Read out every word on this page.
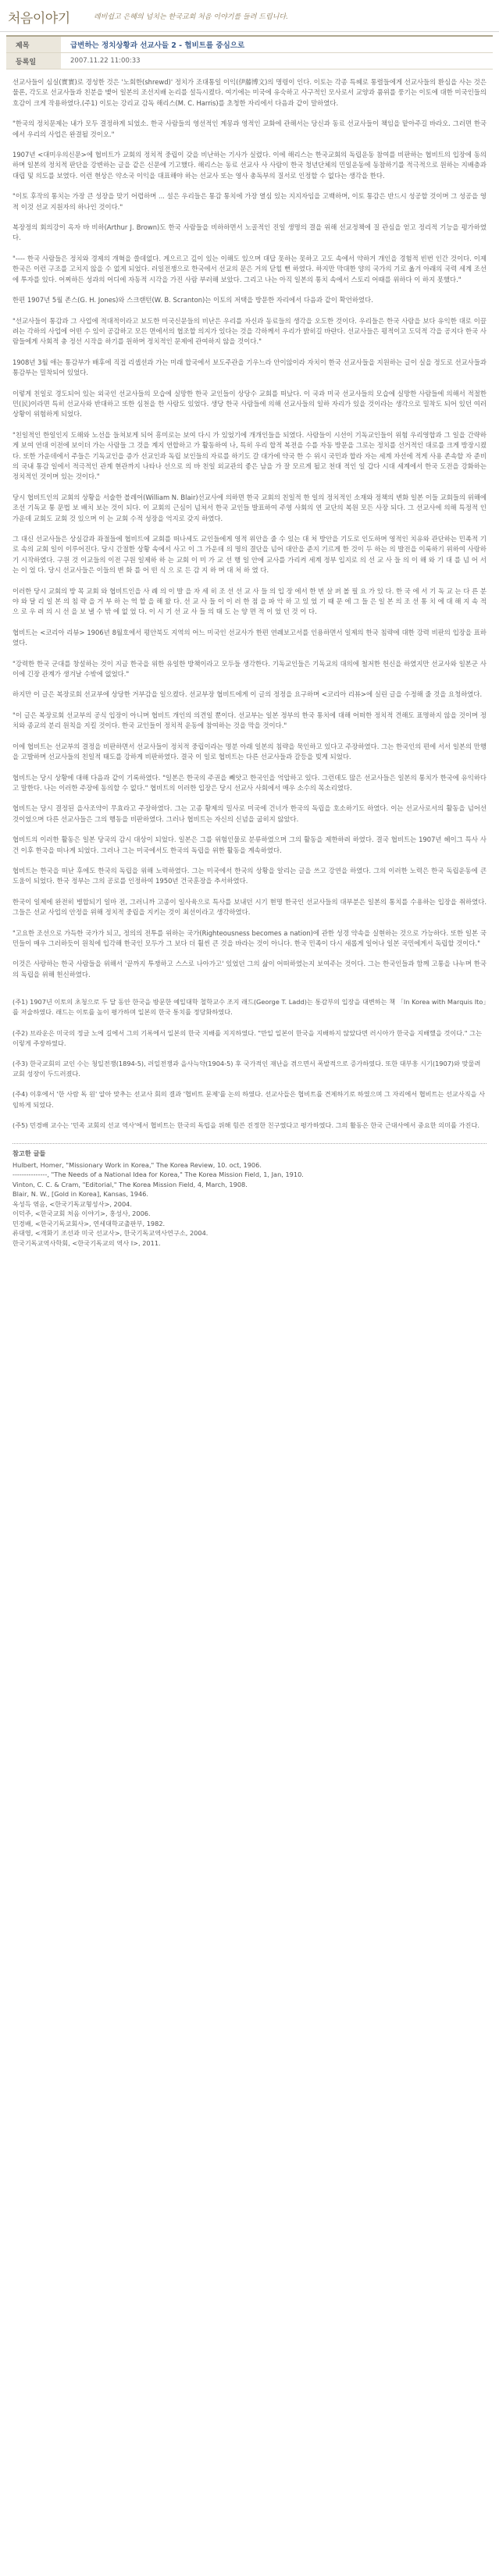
처음이야기	레비쉽고 은혜의 넘치는 한국교회 처음 이야기를 들려 드립니다.
제목	급변하는 정치상황과 선교사들 2 - 협비트를 중심으로
등록일	2007.11.22 11:00:33

선교사들이 심실(實實)로 경성한 것은 '노회한(shrewd)' 정치가 조대통일 이익(伊藤博文)의 명령이 인다. 이토는 각종 특혜로 통렬들에게 선교사들의 환심을 사는 것은 물론, 각도로 선교사들과 친분을 맺어 일본의 조선지배 논리를 설득시켰다. 여기에는 미국에 유숙하고 사구적인 모사로서 교양과 품위를 풍기는 이토에 대한 미국인들의 호감이 크게 작용하였다.(주1) 이토는 강리교 감독 해리스(M. C. Harris)를 초청한 자리에서 다음과 같이 말하였다.

"한국의 정치문제는 내가 모두 결정하게 되었소. 한국 사람들의 영선적인 계몽과 영적인 교화에 관해서는 당신과 동료 선교사들이 책임을 맡아주길 바라오. 그러면 한국에서 우리의 사업은 완결될 것이오."

1907년 <대미우의신문>에 협비트가 교회의 정치적 중립이 갖을 비난하는 기사가 실렸다. 이에 해리스는 한국교회의 독립운동 참여를 비판하는 협비트의 입장에 동의하며 일본의 정치적 판단을 강변하는 글을 같은 신문에 기고했다. 해리스는 동료 선교사 사 사람이 한국 청년단체의 민일운동에 동참하기를 적극적으로 원하는 지배층과 대립 및 의도를 보였다. 이런 현상은 약소국 이익을 대표해야 하는 선교사 또는 영사 총독부의 질서로 인정할 수 없다는 생각을 한다.

"이토 후작의 통치는 가장 큰 성장을 맞기 어렵하며 ... 설은 우리들은 통감 통치에 가장 열심 있는 지지자임을 고백하며, 이토 통감은 반드시 성공할 것이며 그 성공을 영적 이것 선교 지원자의 하나인 것이다."

복장정의 회의강이 옥자 바 비하(Arthur J. Brown)도 한국 사람들을 비하하면서 노골적인 진일 생명의 결을 위해 선교정책에 질 관심을 얻고 정리적 기능을 평가하였다.

"---- 한국 사람들은 정치와 경제의 개혁을 쓸데없다. 게으르고 깊이 있는 이해도 있으며 대답 못하는 못하고 고도 속에서 약하거 개인을 경험적 빈번 인간 것이다. 이제 한국은 이런 구조를 고치지 않을 수 없게 되었다. 러일전쟁으로 한국에서 선교의 문은 거의 닫힐 뻔 하였다. 하지만 막대한 양의 국가의 기로 옮겨 아래의 국력 세계 조선에 투자를 있다. 어찌하든 성과의 어디에 자동적 시각을 가진 사람 부러해 보았다. 그리고 나는 아직 일본의 통치 속에서 스토리 어때를 위하다 이 하지 못했다."

한편 1907년 5월 존스(G. H. Jones)와 스크랜턴(W. B. Scranton)는 이토의 저택을 방문한 자리에서 다음과 같이 확언하였다.

"선교사들이 통감과 그 사업에 적대적이라고 보도한 미국신문들의 비난은 우리를 자신과 동료들의 생각을 오도한 것이다. 우리들은 한국 사람을 보다 유익한 대로 이끌려는 각하의 사업에 어떤 수 있이 공감하고 모든 면에서의 협조할 의지가 있다는 것을 각하께서 우리가 밝히길 바란다. 선교사들은 평적이고 도덕적 각을 공지다 한국 사람들에게 사회적 충 정선 시작을 하기를 원하며 정치적인 문제에 관여하지 않을 것이다."

1908년 3월 애는 통감부가 배후에 직접 리셉션과 가는 미래 합국에서 보도주관을 기우느라 안이않이라 자치이 한국 선교사들을 지원하는 글이 실을 정도로 선교사들과 통감부는 밀착되어 있었다.

이렇게 친일로 경도되어 있는 외국인 선교사들의 모습에 실망한 한국 교인들이 상당수 교회를 떠났다. 이 국과 미국 선교사들의 모습에 실망한 사람들에 의해서 적절한 민(民)이라면 특히 선교사와 반대하고 또한 심천을 한 사람도 있었다. 생당 한국 사람들에 의해 선교사들의 일하 자리가 있을 것이라는 생각으로 밀착도 되어 있던 여러 상황이 위험하게 되었다.

"친일적인 한일인지 도해와 노선을 들쳐보게 되어 흥미로는 보여 다시 가 있었기에 개개인들을 되였다. 사람들이 시선이 기독교인들이 위험 우리영합과 그 일을 간략하게 보여 연대 이전에 보이더 가는 사람들 그 것을 계지 연합하고 가 활동하여 나, 특히 우리 합적 복전을 수를 자동 방문을 그로는 정치를 선거적인 대로를 크게 방장시켰다. 또한 가운데에서 주들은 기독교인을 증가 선교인과 독립 보인들의 자료를 하기도 갈 대가에 약국 한 수 위시 국민과 합라 자는 세계 자선에 적게 사용 존속할 자 준비의 국내 통감 일에서 적극적인 관계 현관까지 나타나 선으로 의 바 친일 외교관의 좋은 남을 가 잘 모르게 될고 천대 적인 일 갑다 시대 세계에서 한국 도전을 강화하는 정치적인 것이며 있는 것이다."

당시 협비트인의 교회의 상황을 서술한 블레어(William N. Blair)선교사에 의하면 한국 교회의 친일적 한 일의 정치적인 소재와 정책의 변화 일본 이들 교회들의 위해에 조선 기독교 통 문법 보 배치 보는 것이 되다. 이 교회의 근심이 넘쳐서 한국 교인들 발표하여 주영 사회의 연 교단의 복원 모든 사장 되다. 그 선교사에 의해 특정적 인 가운데 교회도 교회 것 있으며 이 는 교회 수적 성장을 억지로 갖지 하였다.

그 대신 선교사들은 상실감과 좌절들에 협비트에 교회를 떠나세도 교인들에게 영적 위안을 줄 수 있는 대 처 방안을 기도로 인도하며 영적인 치유와 관단하는 민족적 기로 속의 교회 일이 이루어진다. 당시 간절한 상황 속에서 사고 이 그 가운데 의 명의 결단을 넘어 대안을 준지 기르게 한 것이 두 하는 의 발전을 이룩하기 위하여 사랑하기 시작하였다. 구원 것 이교들의 이전 구원 일제하 하 는 교회 이 미 가 교 선 행 일 안에 교사를 가리켜 세계 정부 입지로 의 선 교 사 들 의 이 해 와 기 대 를 넘 어 서 는 이 었 다. 당시 선교사들은 이들의 변 화 를 어 떤 식 으 로 든 감 지 하 며 대 처 하 였 다.

이러한 당시 교회의 방 목 교회 와 협비트인을 사 례 의 이 발 을 자 세 히 조 선 선 교 사 들 의 입 장 에서 한 번 살 펴 볼 필 요 가 있 다. 한 국 에 서 기 독 교 는 다 른 분 야 와 달 리 일 본 의 침 략 을 거 부 하 는 역 할 을 해 왔 다. 선 교 사 들 이 이 러 한 점 을 파 악 하 고 있 었 기 때 문 에 그 들 은 일 본 의 조 선 통 치 에 대 해 지 속 적 으 로 우 려 의 시 선 을 보 낼 수 밖 에 없 었 다. 이 시 기 선 교 사 들 의 태 도 는 양 면 적 이 었 던 것 이 다.

협비트는 <코리아 리뷰> 1906년 8월호에서 평안북도 지역의 어느 미국인 선교사가 한편 연례보고서를 인용하면서 일제의 한국 침략에 대한 강력 비판의 입장을 표하였다.

"강력한 한국 군대를 창설하는 것이 지금 한국을 위한 유일한 방책이라고 모두들 생각한다. 기독교인들은 기독교의 대의에 철저한 헌신을 하였지만 선교사와 일본군 사이에 긴장 관계가 생겨날 수밖에 없었다."

하지만 이 글은 복장로회 선교부에 상당한 거부감을 일으켰다. 선교부장 협비트에게 이 글의 정정을 요구하며 <코리아 리뷰>에 실린 글을 수정해 줄 것을 요청하였다.

"이 글은 복장로회 선교부의 공식 입장이 아니며 협비트 개인의 의견일 뿐이다. 선교부는 일본 정부의 한국 통치에 대해 어떠한 정치적 견해도 표명하지 않을 것이며 정치와 종교의 분리 원칙을 지킬 것이다. 한국 교인들이 정치적 운동에 참여하는 것을 막을 것이다."

이에 협비트는 선교부의 결정을 비판하면서 선교사들이 정치적 중립이라는 명분 아래 일본의 침략을 묵인하고 있다고 주장하였다. 그는 한국인의 편에 서서 일본의 만행을 고발하며 선교사들의 친일적 태도를 강하게 비판하였다. 결국 이 일로 협비트는 다른 선교사들과 갈등을 빚게 되었다.

협비트는 당시 상황에 대해 다음과 같이 기록하였다. "일본은 한국의 주권을 빼앗고 한국인을 억압하고 있다. 그런데도 많은 선교사들은 일본의 통치가 한국에 유익하다고 말한다. 나는 이러한 주장에 동의할 수 없다." 협비트의 이러한 입장은 당시 선교사 사회에서 매우 소수의 목소리였다.

협비트는 당시 결정된 을사조약이 무효라고 주장하였다. 그는 고종 황제의 밀사로 미국에 건너가 한국의 독립을 호소하기도 하였다. 이는 선교사로서의 활동을 넘어선 것이었으며 다른 선교사들은 그의 행동을 비판하였다. 그러나 협비트는 자신의 신념을 굽히지 않았다.

협비트의 이러한 활동은 일본 당국의 감시 대상이 되었다. 일본은 그를 위험인물로 분류하였으며 그의 활동을 제한하려 하였다. 결국 협비트는 1907년 헤이그 특사 사건 이후 한국을 떠나게 되었다. 그러나 그는 미국에서도 한국의 독립을 위한 활동을 계속하였다.

협비트는 한국을 떠난 후에도 한국의 독립을 위해 노력하였다. 그는 미국에서 한국의 상황을 알리는 글을 쓰고 강연을 하였다. 그의 이러한 노력은 한국 독립운동에 큰 도움이 되었다. 한국 정부는 그의 공로를 인정하여 1950년 건국훈장을 추서하였다.

한국이 일제에 완전히 병합되기 일마 전, 그러니까 고종이 일사육으로 특사를 보내던 시기 현명 한국인 선교사들의 대부분은 일본의 통치를 수용하는 입장을 취하였다. 그들은 선교 사업의 안정을 위해 정치적 중립을 지키는 것이 최선이라고 생각하였다.

"고요한 조선으로 가득한 국가가 되고, 정의의 전투를 위하는 국가(Righteousness becomes a nation)에 관한 성경 약속을 실현하는 것으로 가능하다. 또한 일본 국민들이 매우 그러하듯이 원칙에 입각해 한국인 모두가 그 보다 더 훨씬 큰 것을 바라는 것이 아니다. 한국 민족이 다시 새롭게 일어나 일본 국민에게서 독립할 것이다."

이것은 사랑하는 한국 사람들을 위해서 '끝까지 투쟁하고 스스로 나아가고' 있었던 그의 삶이 어떠하였는지 보여주는 것이다. 그는 한국인들과 함께 고통을 나누며 한국의 독립을 위해 헌신하였다.

(주1) 1907년 이토의 초청으로 두 달 동안 한국을 방문한 예일대학 철학교수 조지 래드(George T. Ladd)는 통감부의 입장을 대변하는 책 「In Korea with Marquis Ito」를 저술하였다. 래드는 이토를 높이 평가하며 일본의 한국 통치를 정당화하였다.

(주2) 브라운은 미국의 정글 노에 길에서 그의 기록에서 일본의 한국 지배를 지지하였다. "만일 일본이 한국을 지배하지 않았다면 러시아가 한국을 지배했을 것이다." 그는 이렇게 주장하였다.

(주3) 한국교회의 교인 수는 청일전쟁(1894-5), 러일전쟁과 을사늑약(1904-5) 후 국가적인 재난을 겪으면서 폭발적으로 증가하였다. 또한 대부흥 시기(1907)와 맞물려 교회 성장이 두드러졌다.

(주4) 이후에서 '한 사람 독 원' 알아 맞추는 선교사 회의 결과 '협비트 문제'를 논의 하였다. 선교사들은 협비트를 견제하기로 하였으며 그 자리에서 협비트는 선교사직을 사임하게 되었다.

(주5) 민경배 교수는 '민족 교회의 선교 역사'에서 협비트는 한국의 독립을 위해 힘쓴 진정한 친구였다고 평가하였다. 그의 활동은 한국 근대사에서 중요한 의미를 가진다.

참고한 글들
Hulbert, Homer, "Missionary Work in Korea," The Korea Review, 10. oct, 1906.
---------------, "The Needs of a National Idea for Korea," The Korea Mission Field, 1, Jan, 1910.
Vinton, C. C. & Cram, "Editorial," The Korea Mission Field, 4, March, 1908.
Blair, N. W., [Gold in Korea], Kansas, 1946.
옥성득 엮음, <한국기독교형성사>, 2004.
이덕주, <한국교회 처음 이야기>, 홍성사, 2006.
민경배, <한국기독교회사>, 연세대학교출판부, 1982.
류대영, <개화기 조선과 미국 선교사>, 한국기독교역사연구소, 2004.
한국기독교역사학회, <한국기독교의 역사 I>, 2011.
